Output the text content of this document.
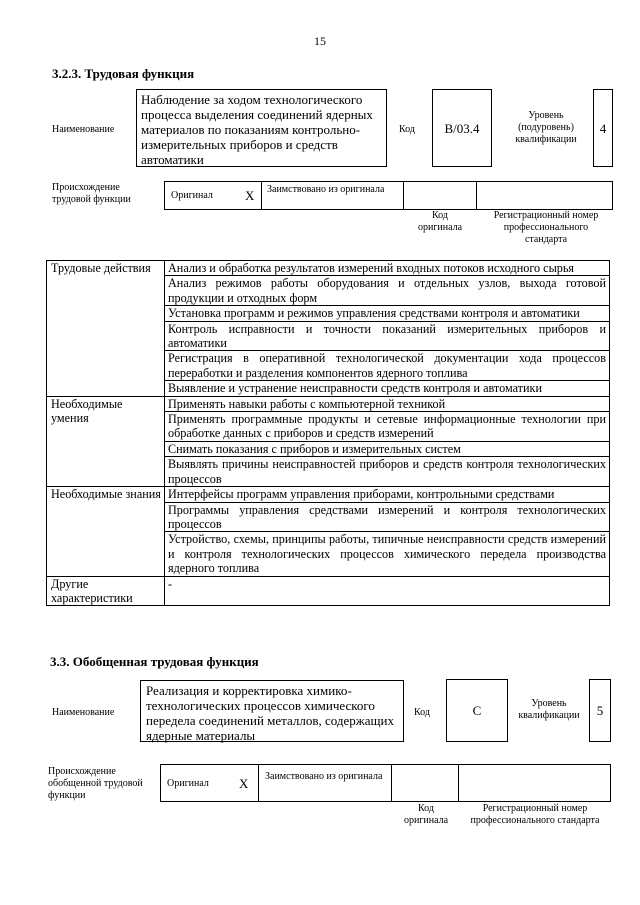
15
3.2.3. Трудовая функция
Наименование
Наблюдение за ходом технологического процесса выделения соединений ядерных материалов по показаниям контрольно-измерительных приборов и средств автоматики
Код B/03.4
Уровень (подуровень) квалификации
4
Происхождение трудовой функции	Оригинал X Заимствовано из оригинала
Код оригинала
Регистрационный номер профессионального стандарта
Трудовые действия	Анализ и обработка результатов измерений входных потоков исходного сырья
	Анализ режимов работы оборудования и отдельных узлов, выхода готовой продукции и отходных форм
	Установка программ и режимов управления средствами контроля и автоматики
	Контроль исправности и точности показаний измерительных приборов и автоматики
	Регистрация в оперативной технологической документации хода процессов переработки и разделения компонентов ядерного топлива
	Выявление и устранение неисправности средств контроля и автоматики
Необходимые умения	Применять навыки работы с компьютерной техникой
	Применять программные продукты и сетевые информационные технологии при обработке данных с приборов и средств измерений
	Снимать показания с приборов и измерительных систем
	Выявлять причины неисправностей приборов и средств контроля технологических процессов
Необходимые знания	Интерфейсы программ управления приборами, контрольными средствами
	Программы управления средствами измерений и контроля технологических процессов
	Устройство, схемы, принципы работы, типичные неисправности средств измерений и контроля технологических процессов химического передела производства ядерного топлива
Другие характеристики	-
3.3. Обобщенная трудовая функция
Наименование
Реализация и корректировка химико-технологических процессов химического передела соединений металлов, содержащих ядерные материалы
Код	C	Уровень квалификации	5
Происхождение обобщенной трудовой функции
Оригинал X Заимствовано из оригинала
Код оригинала
Регистрационный номер профессионального стандарта
